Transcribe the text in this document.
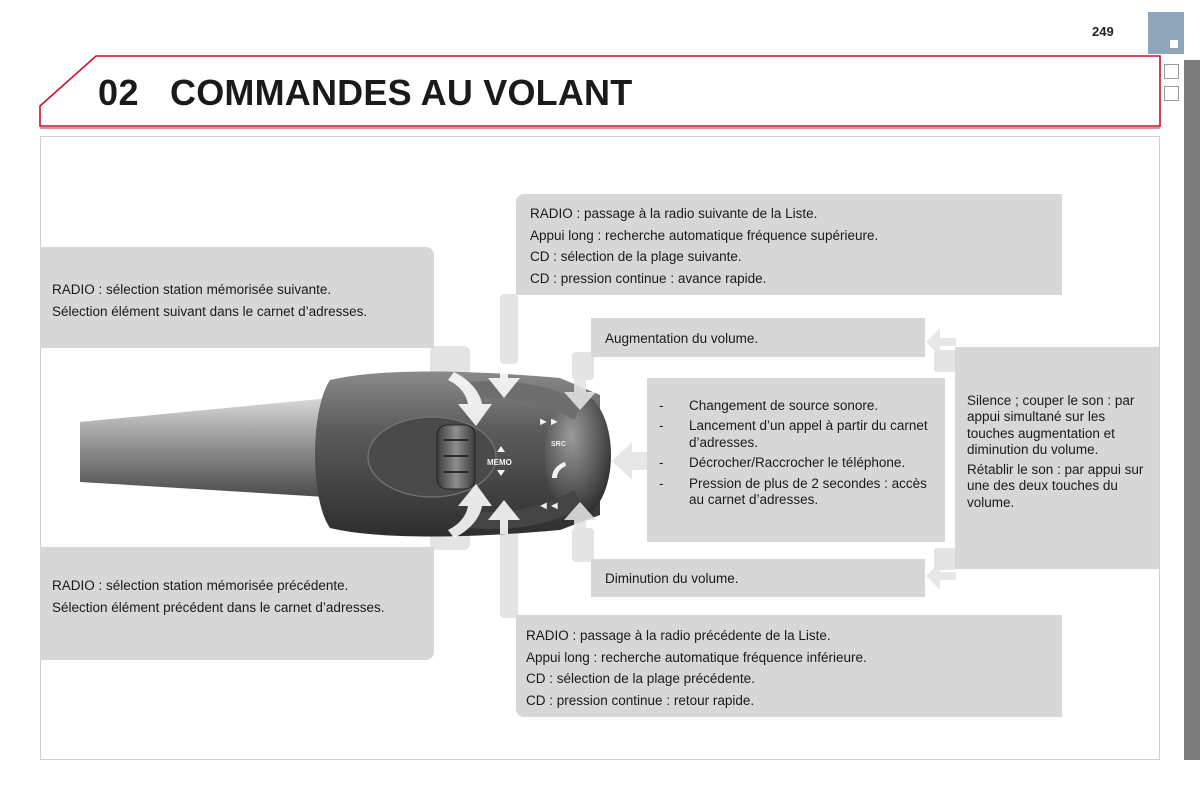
249
02 COMMANDES AU VOLANT
MEMO
SRC
►►
◄◄

RADIO : sélection station mémorisée suivante.

Sélection élément suivant dans le carnet d’adresses.

RADIO : sélection station mémorisée précédente.

Sélection élément précédent dans le carnet d’adresses.

RADIO : passage à la radio suivante de la Liste.

Appui long : recherche automatique fréquence supérieure.

CD : sélection de la plage suivante.

CD : pression continue : avance rapide.

RADIO : passage à la radio précédente de la Liste.

Appui long : recherche automatique fréquence inférieure.

CD : sélection de la plage précédente.

CD : pression continue : retour rapide.

Augmentation du volume.
Diminution du volume.
- Changement de source sonore.
- Lancement d’un appel à partir du carnet d’adresses.
- Décrocher/Raccrocher le téléphone.
- Pression de plus de 2 secondes : accès au carnet d’adresses.

Silence ; couper le son : par appui simultané sur les touches augmentation et diminution du volume.

Rétablir le son : par appui sur une des deux touches du volume.
